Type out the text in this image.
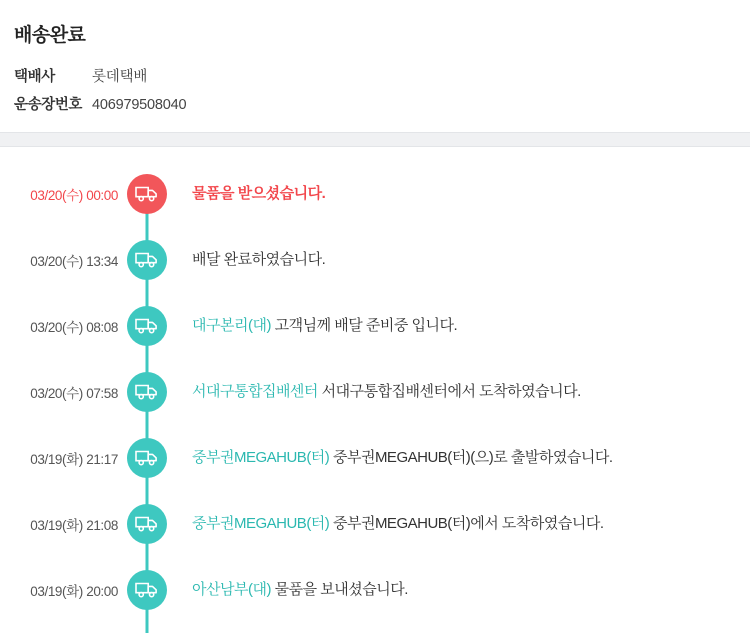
배송완료
택배사	롯데택배
운송장번호 406979508040
03/20(수) 00:00	물품을 받으셨습니다.
03/20(수) 13:34	배달 완료하였습니다.
03/20(수) 08:08	대구본리(대) 고객님께 배달 준비중 입니다.
03/20(수) 07:58	서대구통합집배센터 서대구통합집배센터에서 도착하였습니다.
03/19(화) 21:17	중부권MEGAHUB(터) 중부권MEGAHUB(터)(으)로 출발하였습니다.
03/19(화) 21:08	중부권MEGAHUB(터) 중부권MEGAHUB(터)에서 도착하였습니다.
03/19(화) 20:00	아산남부(대) 물품을 보내셨습니다.
